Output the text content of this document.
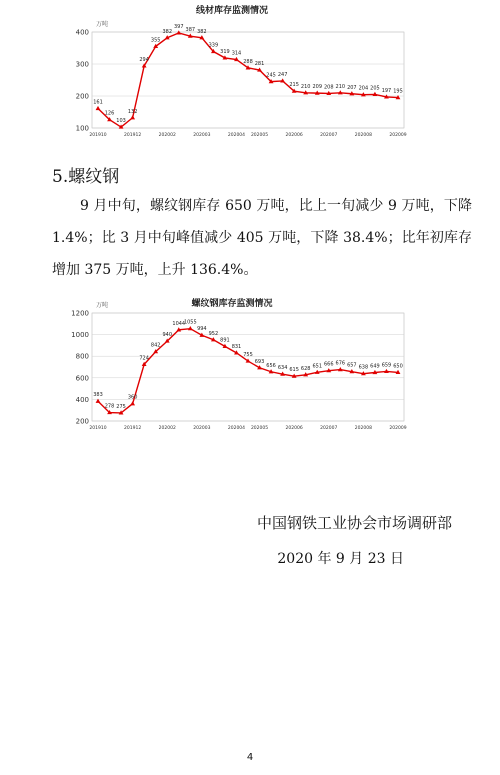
线材库存监测情况
万吨
100
200
300
400
201910	201912	202002	202003	202004 202005	202006	202007	202008	202009
161
126
103
132
294
355
382
397
387 382
339
319 314
288 281
245 247
215 210 209 208 210 207 204 205 197 195
5.螺纹钢

9 月中旬，螺纹钢库存 650 万吨，比上一旬减少 9 万吨，下降 1.4%；比 3 月中旬峰值减少 405 万吨，下降 38.4%；比年初库存增加 375 万吨，上升 136.4%。

螺纹钢库存监测情况
万吨
200
400
600
800
1000
1200
201910	201912	202002	202003	202004 202005	202006	202007	202008	202009
383
278 275
360
724
842
940
1044
1055
994
952
891
831
755
693
656 634 615 628 651 666 676 657 638 649 659 650
中国钢铁工业协会市场调研部
2020 年 9 月 23 日
4
